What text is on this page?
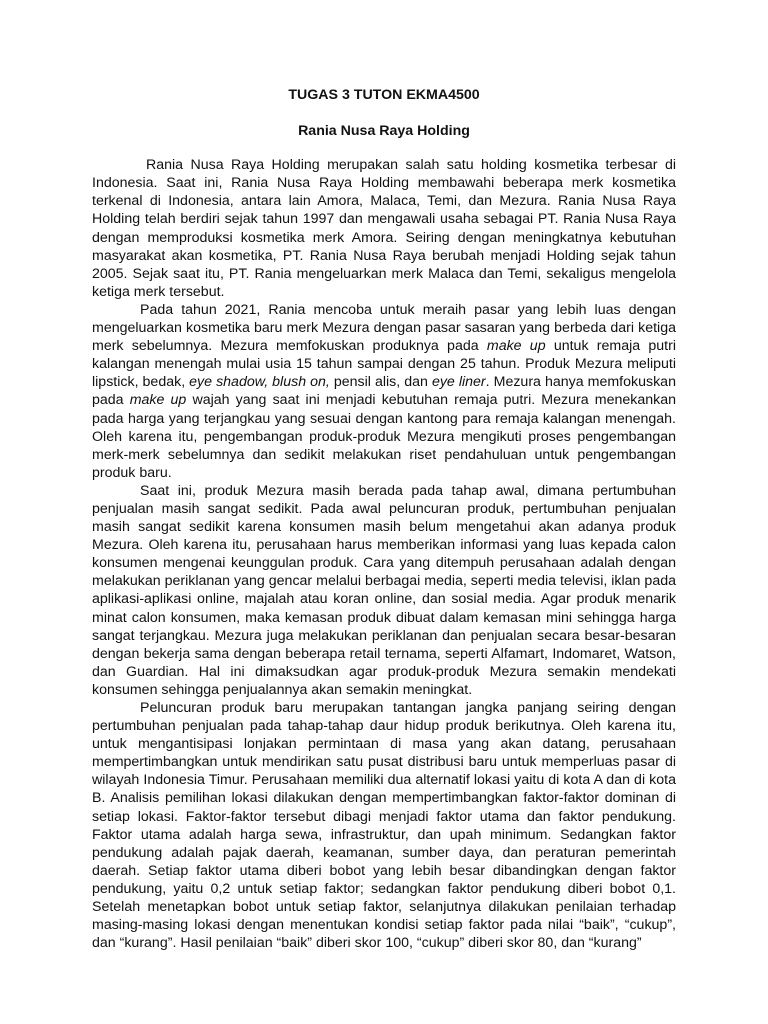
TUGAS 3 TUTON EKMA4500

Rania Nusa Raya Holding

Rania Nusa Raya Holding merupakan salah satu holding kosmetika terbesar di Indonesia. Saat ini, Rania Nusa Raya Holding membawahi beberapa merk kosmetika terkenal di Indonesia, antara lain Amora, Malaca, Temi, dan Mezura. Rania Nusa Raya Holding telah berdiri sejak tahun 1997 dan mengawali usaha sebagai PT. Rania Nusa Raya dengan memproduksi kosmetika merk Amora. Seiring dengan meningkatnya kebutuhan masyarakat akan kosmetika, PT. Rania Nusa Raya berubah menjadi Holding sejak tahun 2005. Sejak saat itu, PT. Rania mengeluarkan merk Malaca dan Temi, sekaligus mengelola ketiga merk tersebut.

Pada tahun 2021, Rania mencoba untuk meraih pasar yang lebih luas dengan mengeluarkan kosmetika baru merk Mezura dengan pasar sasaran yang berbeda dari ketiga merk sebelumnya. Mezura memfokuskan produknya pada make up untuk remaja putri kalangan menengah mulai usia 15 tahun sampai dengan 25 tahun. Produk Mezura meliputi lipstick, bedak, eye shadow, blush on, pensil alis, dan eye liner. Mezura hanya memfokuskan pada make up wajah yang saat ini menjadi kebutuhan remaja putri. Mezura menekankan pada harga yang terjangkau yang sesuai dengan kantong para remaja kalangan menengah. Oleh karena itu, pengembangan produk-produk Mezura mengikuti proses pengembangan merk-merk sebelumnya dan sedikit melakukan riset pendahuluan untuk pengembangan produk baru.

Saat ini, produk Mezura masih berada pada tahap awal, dimana pertumbuhan penjualan masih sangat sedikit. Pada awal peluncuran produk, pertumbuhan penjualan masih sangat sedikit karena konsumen masih belum mengetahui akan adanya produk Mezura. Oleh karena itu, perusahaan harus memberikan informasi yang luas kepada calon konsumen mengenai keunggulan produk. Cara yang ditempuh perusahaan adalah dengan melakukan periklanan yang gencar melalui berbagai media, seperti media televisi, iklan pada aplikasi-aplikasi online, majalah atau koran online, dan sosial media. Agar produk menarik minat calon konsumen, maka kemasan produk dibuat dalam kemasan mini sehingga harga sangat terjangkau. Mezura juga melakukan periklanan dan penjualan secara besar-besaran dengan bekerja sama dengan beberapa retail ternama, seperti Alfamart, Indomaret, Watson, dan Guardian. Hal ini dimaksudkan agar produk-produk Mezura semakin mendekati konsumen sehingga penjualannya akan semakin meningkat.

Peluncuran produk baru merupakan tantangan jangka panjang seiring dengan pertumbuhan penjualan pada tahap-tahap daur hidup produk berikutnya. Oleh karena itu, untuk mengantisipasi lonjakan permintaan di masa yang akan datang, perusahaan mempertimbangkan untuk mendirikan satu pusat distribusi baru untuk memperluas pasar di wilayah Indonesia Timur. Perusahaan memiliki dua alternatif lokasi yaitu di kota A dan di kota B. Analisis pemilihan lokasi dilakukan dengan mempertimbangkan faktor-faktor dominan di setiap lokasi. Faktor-faktor tersebut dibagi menjadi faktor utama dan faktor pendukung. Faktor utama adalah harga sewa, infrastruktur, dan upah minimum. Sedangkan faktor pendukung adalah pajak daerah, keamanan, sumber daya, dan peraturan pemerintah daerah. Setiap faktor utama diberi bobot yang lebih besar dibandingkan dengan faktor pendukung, yaitu 0,2 untuk setiap faktor; sedangkan faktor pendukung diberi bobot 0,1. Setelah menetapkan bobot untuk setiap faktor, selanjutnya dilakukan penilaian terhadap masing-masing lokasi dengan menentukan kondisi setiap faktor pada nilai “baik”, “cukup”, dan “kurang”. Hasil penilaian “baik” diberi skor 100, “cukup” diberi skor 80, dan “kurang”
